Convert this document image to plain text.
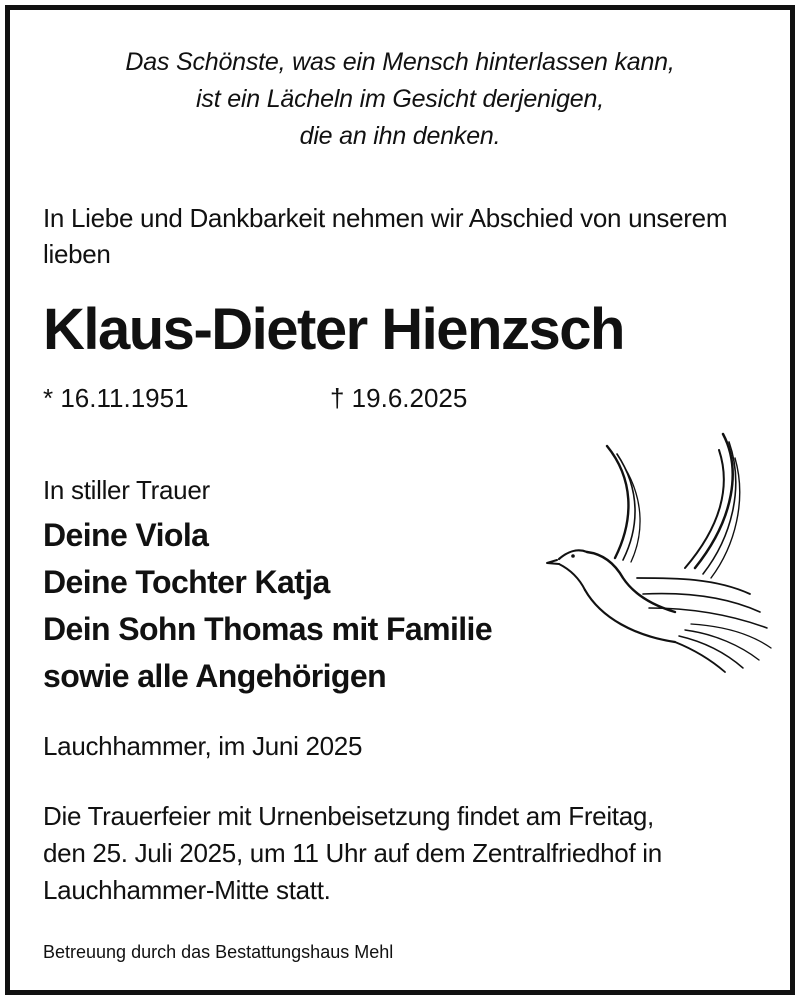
Das Schönste, was ein Mensch hinterlassen kann,
ist ein Lächeln im Gesicht derjenigen,
die an ihn denken.
In Liebe und Dankbarkeit nehmen wir Abschied von unserem
lieben
Klaus-Dieter Hienzsch
* 16.11.1951	† 19.6.2025
In stiller Trauer
Deine Viola
Deine Tochter Katja
Dein Sohn Thomas mit Familie
sowie alle Angehörigen
Lauchhammer, im Juni 2025
Die Trauerfeier mit Urnenbeisetzung findet am Freitag,
den 25. Juli 2025, um 11 Uhr auf dem Zentralfriedhof in
Lauchhammer-Mitte statt.
Betreuung durch das Bestattungshaus Mehl
